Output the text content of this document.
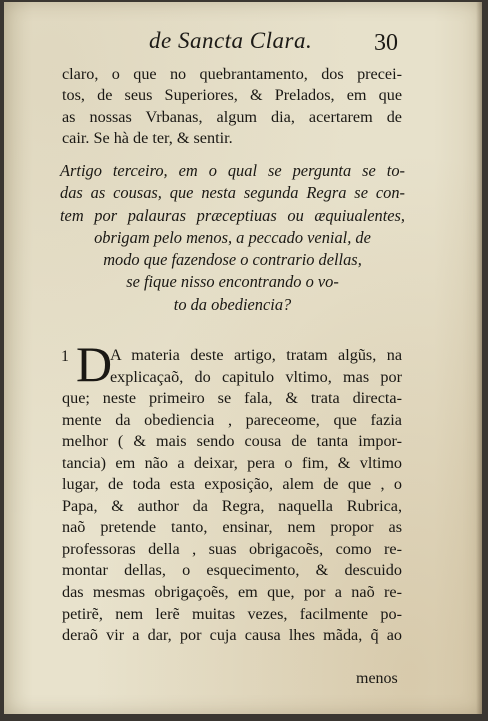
de Sancta Clara.	30
claro, o que no quebrantamento, dos precei-
tos, de seus Superiores, & Prelados, em que
as nossas Vrbanas, algum dia, acertarem de
cair. Se hà de ter, & sentir.
Artigo terceiro, em o qual se pergunta se to-
das as cousas, que nesta segunda Regra se con-
tem por palauras præceptiuas ou æquiualentes,
obrigam pelo menos, a peccado venial, de
modo que fazendose o contrario dellas,
se fique nisso encontrando o vo-
to da obediencia?
1 D
A materia deste artigo, tratam algũs, na
explicaçaõ, do capitulo vltimo, mas por
que; neste primeiro se fala, & trata directa-
mente da obediencia , pareceome, que fazia
melhor ( & mais sendo cousa de tanta impor-
tancia) em não a deixar, pera o fim, & vltimo
lugar, de toda esta exposição, alem de que , o
Papa, & author da Regra, naquella Rubrica,
naõ pretende tanto, ensinar, nem propor as
professoras della , suas obrigacoẽs, como re-
montar dellas, o esquecimento, & descuido
das mesmas obrigaçoẽs, em que, por a naõ re-
petirẽ, nem lerẽ muitas vezes, facilmente po-
deraõ vir a dar, por cuja causa lhes mãda, q̃ ao
menos
